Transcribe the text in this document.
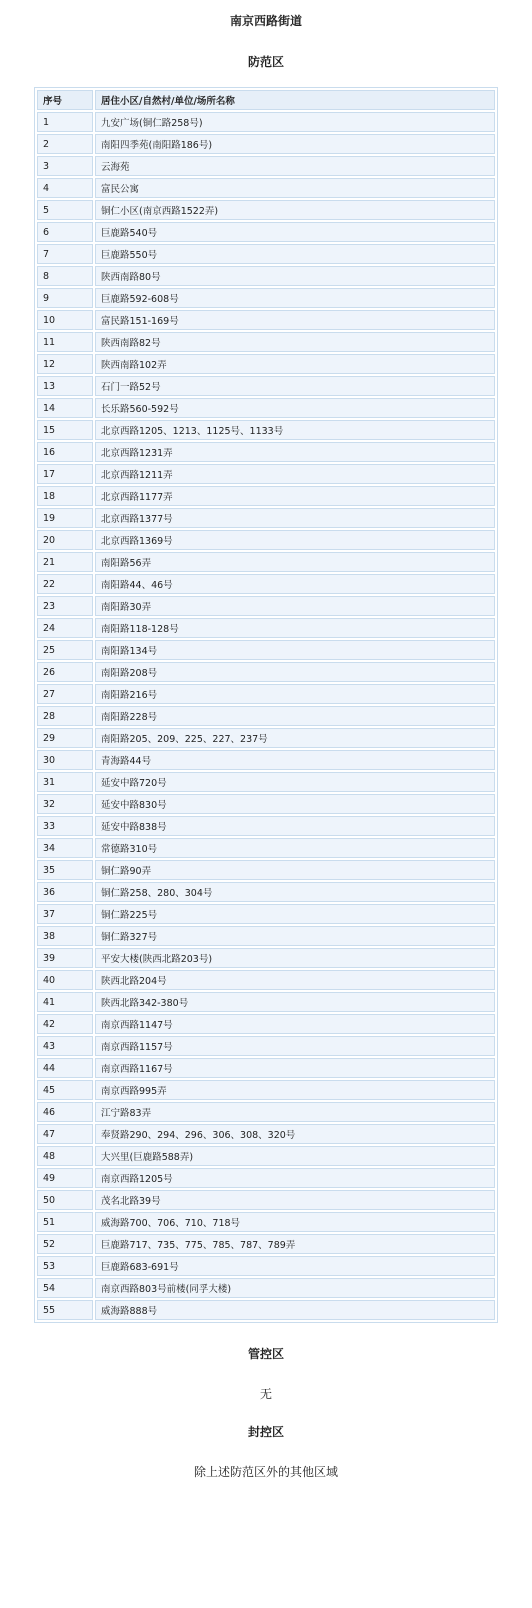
南京西路街道
防范区
序号	居住小区/自然村/单位/场所名称
1	九安广场(铜仁路258号)
2	南阳四季苑(南阳路186号)
3	云海苑
4	富民公寓
5	铜仁小区(南京西路1522弄)
6	巨鹿路540号
7	巨鹿路550号
8	陕西南路80号
9	巨鹿路592-608号
10	富民路151-169号
11	陕西南路82号
12	陕西南路102弄
13	石门一路52号
14	长乐路560-592号
15	北京西路1205、1213、1125号、1133号
16	北京西路1231弄
17	北京西路1211弄
18	北京西路1177弄
19	北京西路1377号
20	北京西路1369号
21	南阳路56弄
22	南阳路44、46号
23	南阳路30弄
24	南阳路118-128号
25	南阳路134号
26	南阳路208号
27	南阳路216号
28	南阳路228号
29	南阳路205、209、225、227、237号
30	青海路44号
31	延安中路720号
32	延安中路830号
33	延安中路838号
34	常德路310号
35	铜仁路90弄
36	铜仁路258、280、304号
37	铜仁路225号
38	铜仁路327号
39	平安大楼(陕西北路203号)
40	陕西北路204号
41	陕西北路342-380号
42	南京西路1147号
43	南京西路1157号
44	南京西路1167号
45	南京西路995弄
46	江宁路83弄
47	奉贤路290、294、296、306、308、320号
48	大兴里(巨鹿路588弄)
49	南京西路1205号
50	茂名北路39号
51	威海路700、706、710、718号
52	巨鹿路717、735、775、785、787、789弄
53	巨鹿路683-691号
54	南京西路803号前楼(同孚大楼)
55	威海路888号
管控区
无
封控区
除上述防范区外的其他区域
